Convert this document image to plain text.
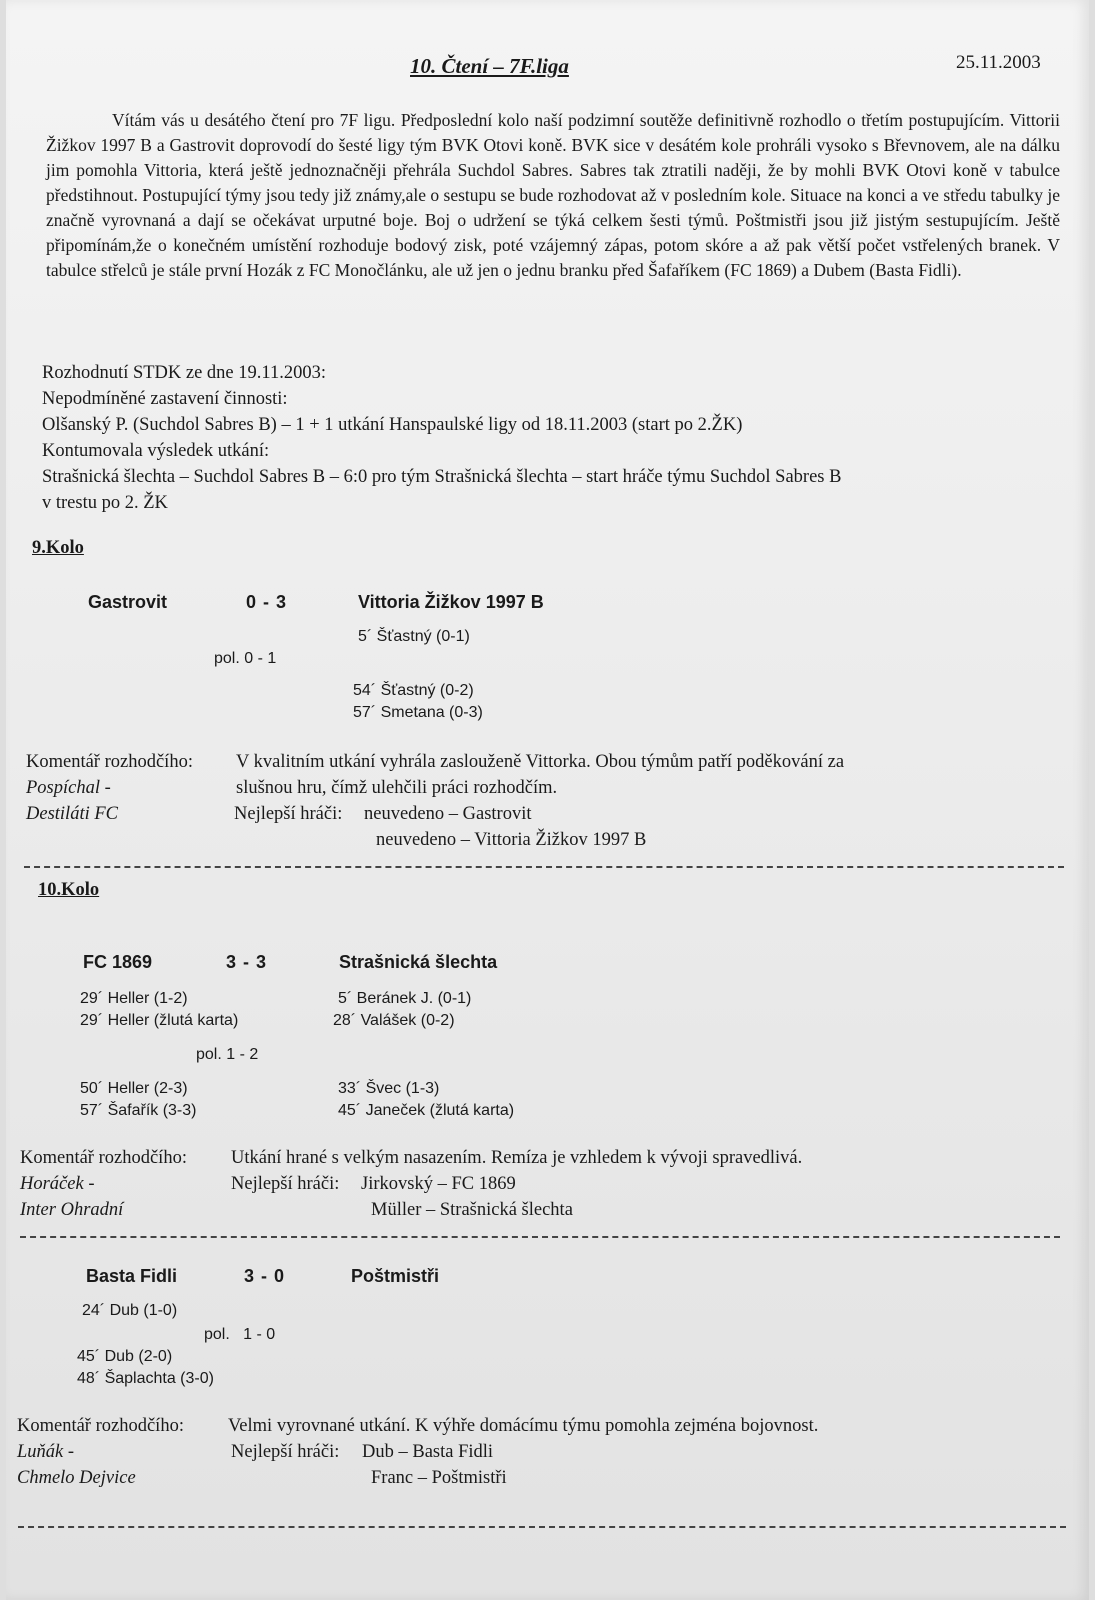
10. Čtení – 7F.liga	25.11.2003
Vítám vás u desátého čtení pro 7F ligu. Předposlední kolo naší podzimní soutěže definitivně rozhodlo o třetím postupujícím. Vittorii Žižkov 1997 B a Gastrovit doprovodí do šesté ligy tým BVK Otovi koně. BVK sice v desátém kole prohráli vysoko s Břevnovem, ale na dálku jim pomohla Vittoria, která ještě jednoznačněji přehrála Suchdol Sabres. Sabres tak ztratili naději, že by mohli BVK Otovi koně v tabulce předstihnout. Postupující týmy jsou tedy již známy,ale o sestupu se bude rozhodovat až v posledním kole. Situace na konci a ve středu tabulky je značně vyrovnaná a dají se očekávat urputné boje. Boj o udržení se týká celkem šesti týmů. Poštmistři jsou již jistým sestupujícím. Ještě připomínám,že o konečném umístění rozhoduje bodový zisk, poté vzájemný zápas, potom skóre a až pak větší počet vstřelených branek. V tabulce střelců je stále první Hozák z FC Monočlánku, ale už jen o jednu branku před Šafaříkem (FC 1869) a Dubem (Basta Fidli).
Rozhodnutí STDK ze dne 19.11.2003:
Nepodmíněné zastavení činnosti:
Olšanský P. (Suchdol Sabres B) – 1 + 1 utkání Hanspaulské ligy od 18.11.2003 (start po 2.ŽK)
Kontumovala výsledek utkání:
Strašnická šlechta – Suchdol Sabres B – 6:0 pro tým Strašnická šlechta – start hráče týmu Suchdol Sabres B
v trestu po 2. ŽK
9.Kolo
Gastrovit	0 - 3	Vittoria Žižkov 1997 B
5´ Šťastný (0-1)
pol. 0 - 1
54´ Šťastný (0-2)
57´ Smetana (0-3)
Komentář rozhodčího: V kvalitním utkání vyhrála zaslouženě Vittorka. Obou týmům patří poděkování za
Pospíchal -	slušnou hru, čímž ulehčili práci rozhodčím.
Destiláti FC	Nejlepší hráči: neuvedeno – Gastrovit
neuvedeno – Vittoria Žižkov 1997 B
10.Kolo
FC 1869	3 - 3	Strašnická šlechta
29´ Heller (1-2)
29´ Heller (žlutá karta)
5´ Beránek J. (0-1)
28´ Valášek (0-2)
pol. 1 - 2
50´ Heller (2-3)
57´ Šafařík (3-3)
33´ Švec (1-3)
45´ Janeček (žlutá karta)
Komentář rozhodčího: Utkání hrané s velkým nasazením. Remíza je vzhledem k vývoji spravedlivá.
Horáček -	Nejlepší hráči: Jirkovský – FC 1869
Inter Ohradní	Müller – Strašnická šlechta
Basta Fidli	3 - 0	Poštmistři
24´ Dub (1-0)
pol.   1 - 0
45´ Dub (2-0)
48´ Šaplachta (3-0)
Komentář rozhodčího: Velmi vyrovnané utkání. K výhře domácímu týmu pomohla zejména bojovnost.
Luňák -	Nejlepší hráči: Dub – Basta Fidli
Chmelo Dejvice	Franc – Poštmistři
